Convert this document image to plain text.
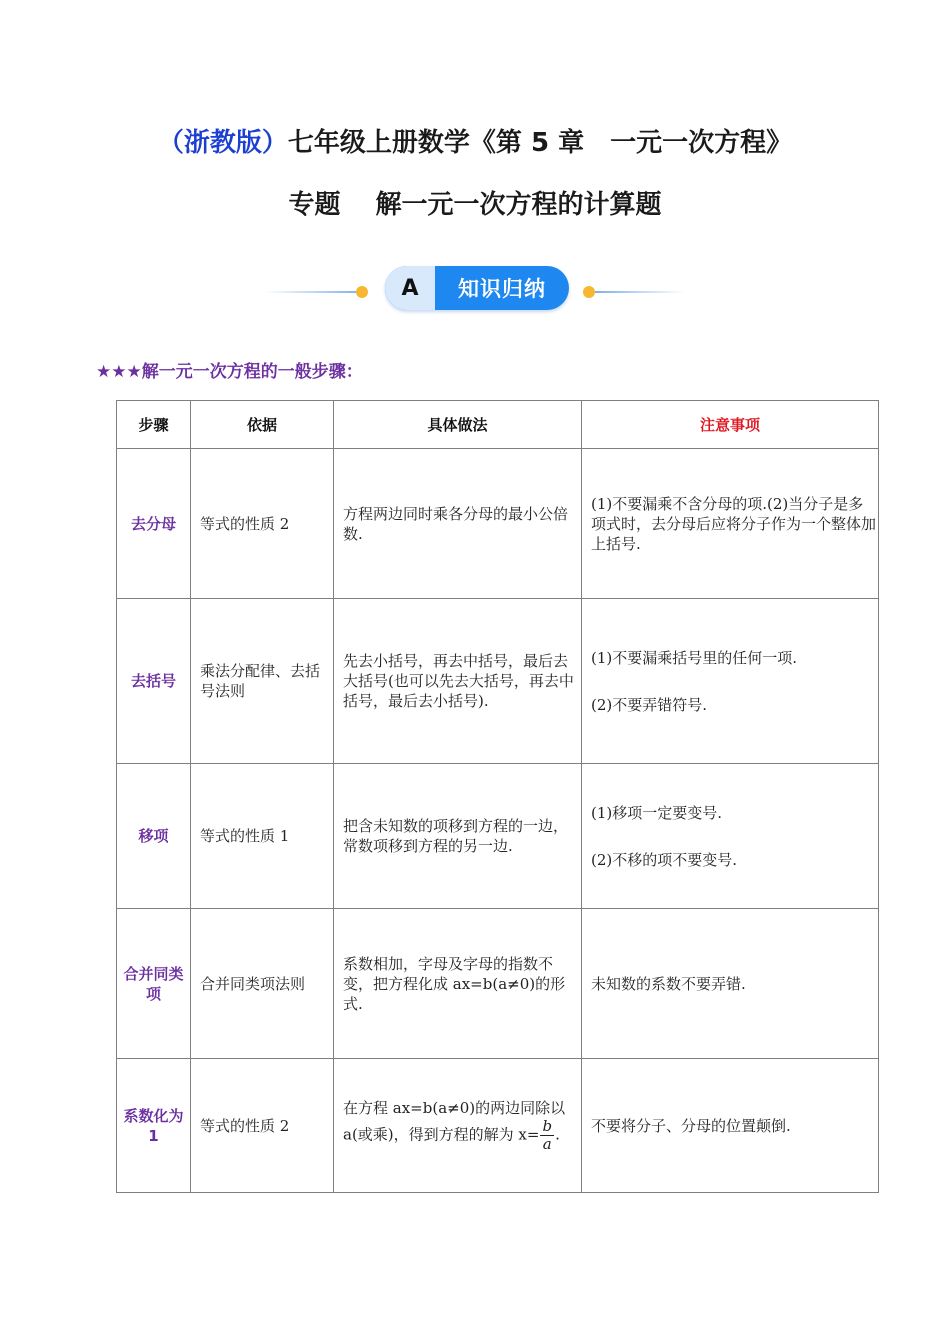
（浙教版）七年级上册数学《第 5 章　一元一次方程》
专题　 解一元一次方程的计算题
A	知识归纳
★★★解一元一次方程的一般步骤：
步骤	依据	具体做法	注意事项
去分母	等式的性质 2	方程两边同时乘各分母的最小公倍数.	(1)不要漏乘不含分母的项.(2)当分子是多项式时，去分母后应将分子作为一个整体加上括号.

去括号	乘法分配律、去括号法则	先去小括号，再去中括号，最后去大括号(也可以先去大括号，再去中括号，最后去小括号).	(1)不要漏乘括号里的任何一项.

(2)不要弄错符号.

移项	等式的性质 1	把含未知数的项移到方程的一边，常数项移到方程的另一边.	(1)移项一定要变号.

(2)不移的项不要变号.

合并同类项	合并同类项法则	系数相加，字母及字母的指数不变，把方程化成 ax=b(a≠0)的形式.	未知数的系数不要弄错.

系数化为 1	等式的性质 2	在方程 ax=b(a≠0)的两边同除以 a(或乘)，得到方程的解为 $x= \frac{b}{a}$ .	不要将分子、分母的位置颠倒.
